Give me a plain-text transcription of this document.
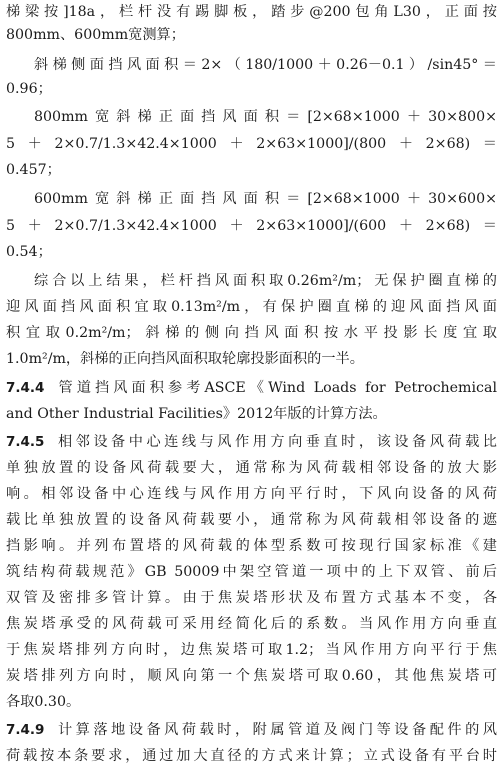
梯梁按]18a，栏杆没有踢脚板，踏步@200包角L30，正面按
800mm、600mm宽测算；
斜梯侧面挡风面积＝2×（180/1000＋0.26－0.1）/sin45°＝
0.96；
800mm宽斜梯正面挡风面积＝[2×68×1000＋30×800×
5＋2×0.7/1.3×42.4×1000＋2×63×1000]/(800＋2×68)＝
0.457；
600mm宽斜梯正面挡风面积＝[2×68×1000＋30×600×
5＋2×0.7/1.3×42.4×1000＋2×63×1000]/(600＋2×68)＝
0.54；
综合以上结果，栏杆挡风面积取0.26m²/m；无保护圈直梯的
迎风面挡风面积宜取0.13m²/m，有保护圈直梯的迎风面挡风面
积宜取0.2m²/m；斜梯的侧向挡风面积按水平投影长度宜取
1.0m²/m，斜梯的正向挡风面积取轮廓投影面积的一半。
7.4.4 管道挡风面积参考ASCE《Wind Loads for Petrochemical
and Other Industrial Facilities》2012年版的计算方法。
7.4.5 相邻设备中心连线与风作用方向垂直时，该设备风荷载比
单独放置的设备风荷载要大，通常称为风荷载相邻设备的放大影
响。相邻设备中心连线与风作用方向平行时，下风向设备的风荷
载比单独放置的设备风荷载要小，通常称为风荷载相邻设备的遮
挡影响。并列布置塔的风荷载的体型系数可按现行国家标准《建
筑结构荷载规范》GB 50009中架空管道一项中的上下双管、前后
双管及密排多管计算。由于焦炭塔形状及布置方式基本不变，各
焦炭塔承受的风荷载可采用经简化后的系数。当风作用方向垂直
于焦炭塔排列方向时，边焦炭塔可取1.2；当风作用方向平行于焦
炭塔排列方向时，顺风向第一个焦炭塔可取0.60，其他焦炭塔可
各取0.30。
7.4.9 计算落地设备风荷载时，附属管道及阀门等设备配件的风
荷载按本条要求，通过加大直径的方式来计算；立式设备有平台时
